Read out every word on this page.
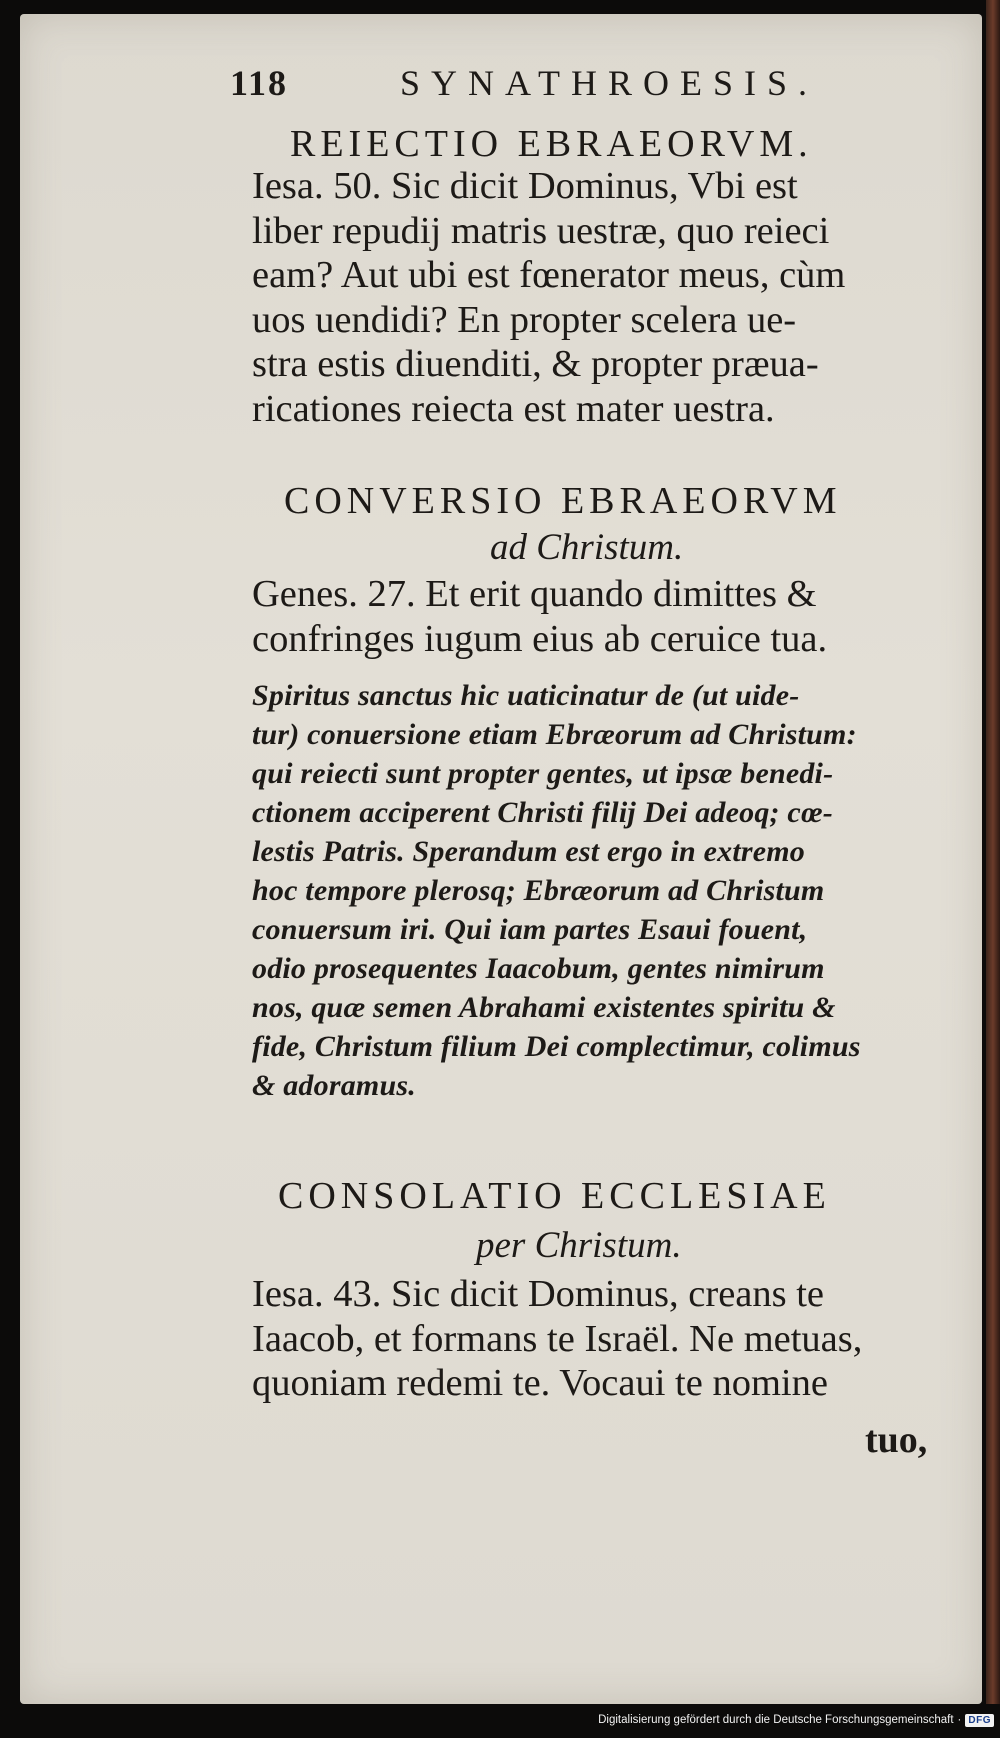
118	SYNATHROESIS.
REIECTIO EBRAEORVM.
Iesa. 50. Sic dicit Dominus, Vbi est
liber repudij matris uestræ, quo reieci
eam? Aut ubi est fœnerator meus, cùm
uos uendidi? En propter scelera ue-
stra estis diuenditi, & propter præua-
ricationes reiecta est mater uestra.
CONVERSIO EBRAEORVM
ad Christum.
Genes. 27. Et erit quando dimittes &
confringes iugum eius ab ceruice tua.
Spiritus sanctus hic uaticinatur de (ut uide-
tur) conuersione etiam Ebræorum ad Christum:
qui reiecti sunt propter gentes, ut ipsæ benedi-
ctionem acciperent Christi filij Dei adeoq; cœ-
lestis Patris. Sperandum est ergo in extremo
hoc tempore plerosq; Ebræorum ad Christum
conuersum iri. Qui iam partes Esaui fouent,
odio prosequentes Iaacobum, gentes nimirum
nos, quæ semen Abrahami existentes spiritu &
fide, Christum filium Dei complectimur, colimus
& adoramus.
CONSOLATIO ECCLESIAE
per Christum.
Iesa. 43. Sic dicit Dominus, creans te
Iaacob, et formans te Israël. Ne metuas,
quoniam redemi te. Vocaui te nomine
tuo,
Digitalisierung gefördert durch die Deutsche Forschungsgemeinschaft · DFG
